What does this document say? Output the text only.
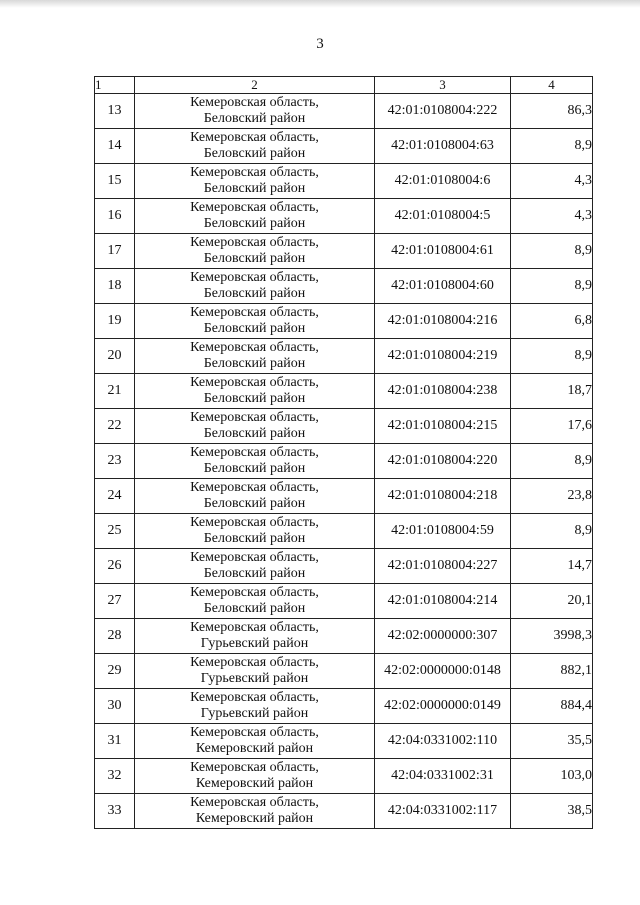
3
1	2	3	4
13	Кемеровская область,
Беловский район	42:01:0108004:222	86,3
14	Кемеровская область,
Беловский район	42:01:0108004:63	8,9
15	Кемеровская область,
Беловский район	42:01:0108004:6	4,3
16	Кемеровская область,
Беловский район	42:01:0108004:5	4,3
17	Кемеровская область,
Беловский район	42:01:0108004:61	8,9
18	Кемеровская область,
Беловский район	42:01:0108004:60	8,9
19	Кемеровская область,
Беловский район	42:01:0108004:216	6,8
20	Кемеровская область,
Беловский район	42:01:0108004:219	8,9
21	Кемеровская область,
Беловский район	42:01:0108004:238	18,7
22	Кемеровская область,
Беловский район	42:01:0108004:215	17,6
23	Кемеровская область,
Беловский район	42:01:0108004:220	8,9
24	Кемеровская область,
Беловский район	42:01:0108004:218	23,8
25	Кемеровская область,
Беловский район	42:01:0108004:59	8,9
26	Кемеровская область,
Беловский район	42:01:0108004:227	14,7
27	Кемеровская область,
Беловский район	42:01:0108004:214	20,1
28	Кемеровская область,
Гурьевский район	42:02:0000000:307	3998,3
29	Кемеровская область,
Гурьевский район	42:02:0000000:0148	882,1
30	Кемеровская область,
Гурьевский район	42:02:0000000:0149	884,4
31	Кемеровская область,
Кемеровский район	42:04:0331002:110	35,5
32	Кемеровская область,
Кемеровский район	42:04:0331002:31	103,0
33	Кемеровская область,
Кемеровский район	42:04:0331002:117	38,5
